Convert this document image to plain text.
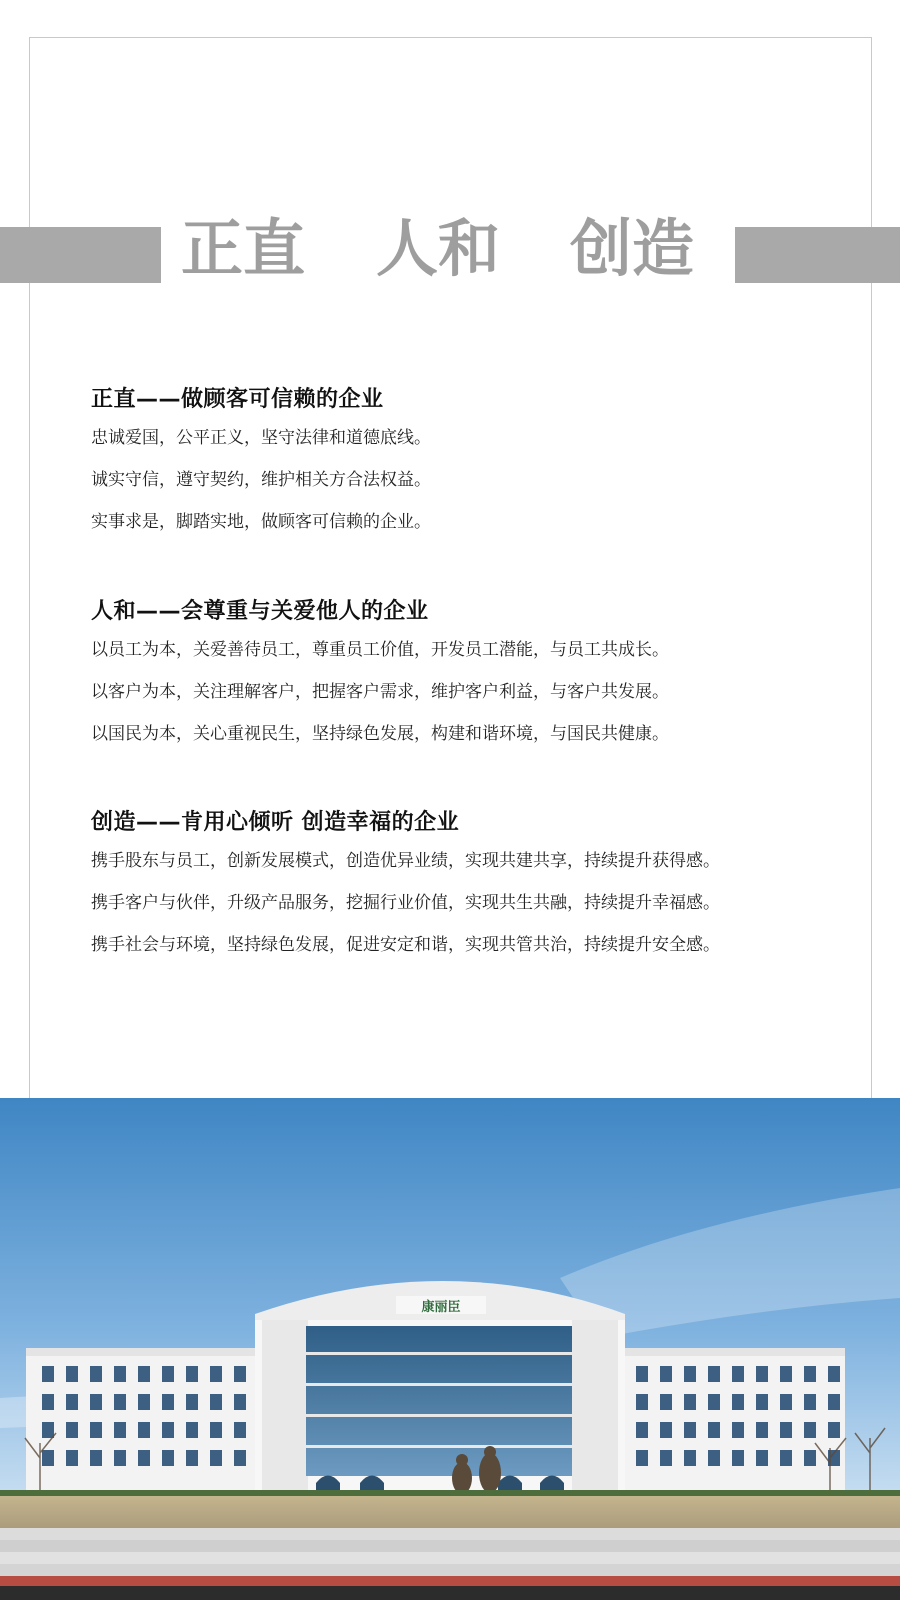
正直 人和 创造
正直——做顾客可信赖的企业

忠诚爱国，公平正义，坚守法律和道德底线。

诚实守信，遵守契约，维护相关方合法权益。

实事求是，脚踏实地，做顾客可信赖的企业。

人和——会尊重与关爱他人的企业

以员工为本，关爱善待员工，尊重员工价值，开发员工潜能，与员工共成长。

以客户为本，关注理解客户，把握客户需求，维护客户利益，与客户共发展。

以国民为本，关心重视民生，坚持绿色发展，构建和谐环境，与国民共健康。

创造——肯用心倾听 创造幸福的企业

携手股东与员工，创新发展模式，创造优异业绩，实现共建共享，持续提升获得感。

携手客户与伙伴，升级产品服务，挖掘行业价值，实现共生共融，持续提升幸福感。

携手社会与环境，坚持绿色发展，促进安定和谐，实现共管共治，持续提升安全感。

康丽臣
